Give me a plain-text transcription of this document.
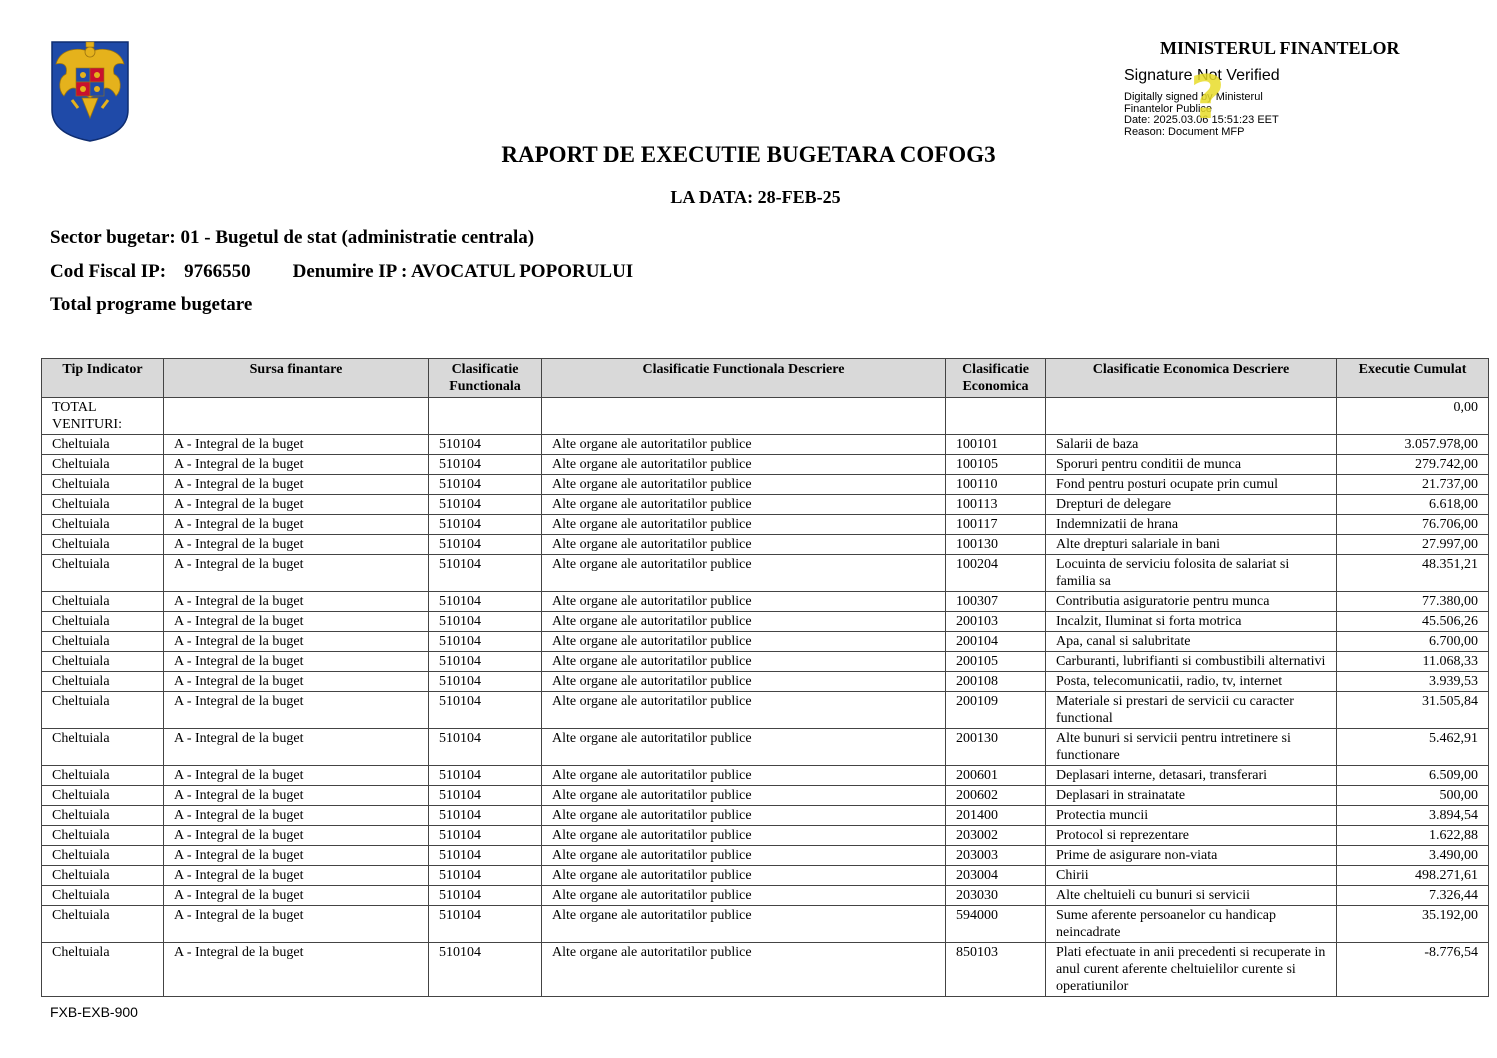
MINISTERUL FINANTELOR
?
Signature Not Verified
Digitally signed by Ministerul
Finantelor Publice
Date: 2025.03.06 15:51:23 EET
Reason: Document MFP
RAPORT DE EXECUTIE BUGETARA COFOG3
LA DATA: 28-FEB-25
Sector bugetar: 01 - Bugetul de stat (administratie centrala)
Cod Fiscal IP: 9766550 Denumire IP : AVOCATUL POPORULUI
Total programe bugetare
Tip Indicator	Sursa finantare	Clasificatie Functionala	Clasificatie Functionala Descriere	Clasificatie Economica	Clasificatie Economica Descriere	Executie Cumulat
TOTAL VENITURI:						0,00
Cheltuiala	A - Integral de la buget	510104	Alte organe ale autoritatilor publice	100101	Salarii de baza	3.057.978,00
Cheltuiala	A - Integral de la buget	510104	Alte organe ale autoritatilor publice	100105	Sporuri pentru conditii de munca	279.742,00
Cheltuiala	A - Integral de la buget	510104	Alte organe ale autoritatilor publice	100110	Fond pentru posturi ocupate prin cumul	21.737,00
Cheltuiala	A - Integral de la buget	510104	Alte organe ale autoritatilor publice	100113	Drepturi de delegare	6.618,00
Cheltuiala	A - Integral de la buget	510104	Alte organe ale autoritatilor publice	100117	Indemnizatii de hrana	76.706,00
Cheltuiala	A - Integral de la buget	510104	Alte organe ale autoritatilor publice	100130	Alte drepturi salariale in bani	27.997,00
Cheltuiala	A - Integral de la buget	510104	Alte organe ale autoritatilor publice	100204	Locuinta de serviciu folosita de salariat si familia sa	48.351,21
Cheltuiala	A - Integral de la buget	510104	Alte organe ale autoritatilor publice	100307	Contributia asiguratorie pentru munca	77.380,00
Cheltuiala	A - Integral de la buget	510104	Alte organe ale autoritatilor publice	200103	Incalzit, Iluminat si forta motrica	45.506,26
Cheltuiala	A - Integral de la buget	510104	Alte organe ale autoritatilor publice	200104	Apa, canal si salubritate	6.700,00
Cheltuiala	A - Integral de la buget	510104	Alte organe ale autoritatilor publice	200105	Carburanti, lubrifianti si combustibili alternativi	11.068,33
Cheltuiala	A - Integral de la buget	510104	Alte organe ale autoritatilor publice	200108	Posta, telecomunicatii, radio, tv, internet	3.939,53
Cheltuiala	A - Integral de la buget	510104	Alte organe ale autoritatilor publice	200109	Materiale si prestari de servicii cu caracter functional	31.505,84
Cheltuiala	A - Integral de la buget	510104	Alte organe ale autoritatilor publice	200130	Alte bunuri si servicii pentru intretinere si functionare	5.462,91
Cheltuiala	A - Integral de la buget	510104	Alte organe ale autoritatilor publice	200601	Deplasari interne, detasari, transferari	6.509,00
Cheltuiala	A - Integral de la buget	510104	Alte organe ale autoritatilor publice	200602	Deplasari in strainatate	500,00
Cheltuiala	A - Integral de la buget	510104	Alte organe ale autoritatilor publice	201400	Protectia muncii	3.894,54
Cheltuiala	A - Integral de la buget	510104	Alte organe ale autoritatilor publice	203002	Protocol si reprezentare	1.622,88
Cheltuiala	A - Integral de la buget	510104	Alte organe ale autoritatilor publice	203003	Prime de asigurare non-viata	3.490,00
Cheltuiala	A - Integral de la buget	510104	Alte organe ale autoritatilor publice	203004	Chirii	498.271,61
Cheltuiala	A - Integral de la buget	510104	Alte organe ale autoritatilor publice	203030	Alte cheltuieli cu bunuri si servicii	7.326,44
Cheltuiala	A - Integral de la buget	510104	Alte organe ale autoritatilor publice	594000	Sume aferente persoanelor cu handicap neincadrate	35.192,00
Cheltuiala	A - Integral de la buget	510104	Alte organe ale autoritatilor publice	850103	Plati efectuate in anii precedenti si recuperate in anul curent aferente cheltuielilor curente si operatiunilor	-8.776,54
FXB-EXB-900
